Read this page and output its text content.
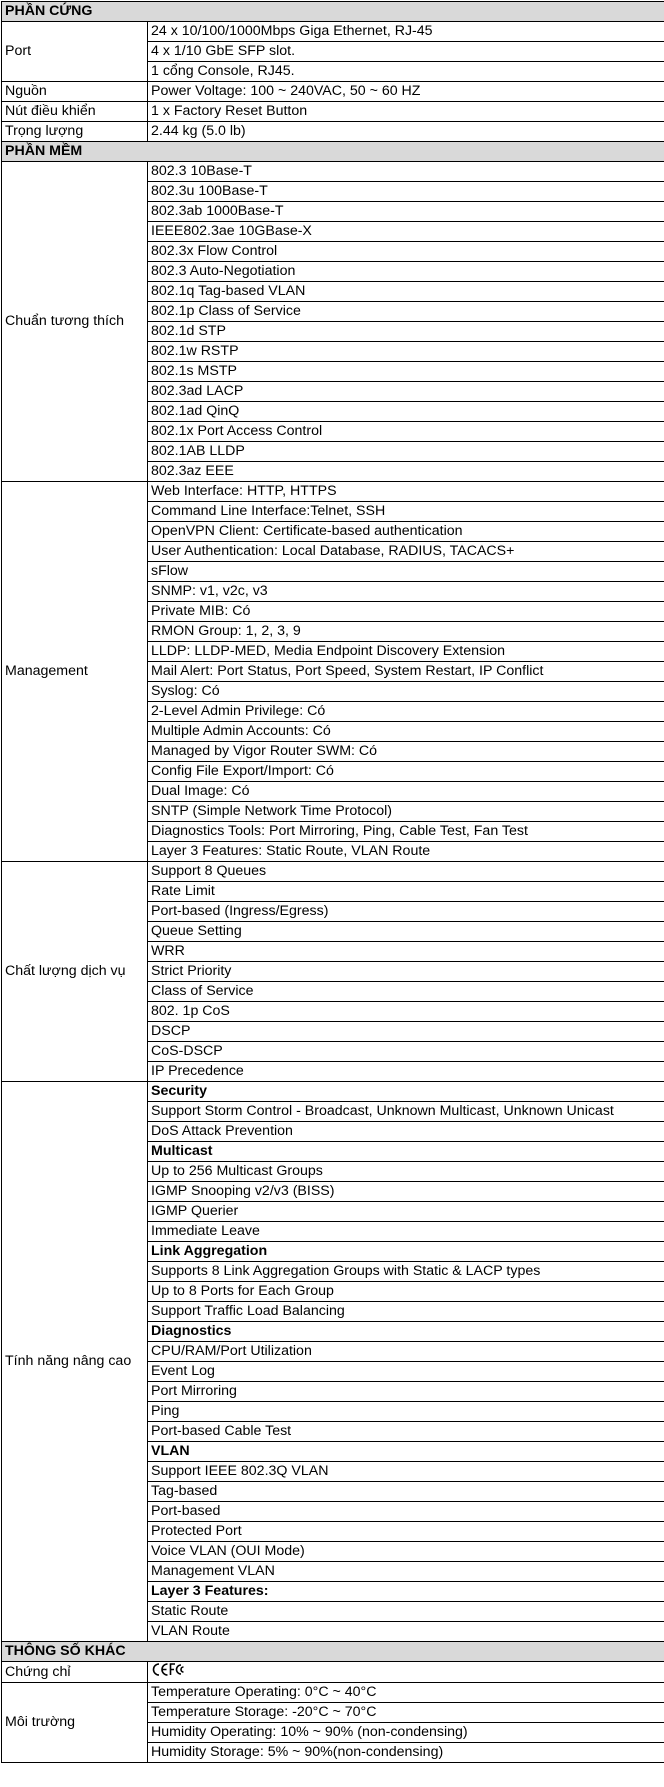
PHẦN CỨNG	
Port	24 x 10/100/1000Mbps Giga Ethernet, RJ-45
	4 x 1/10 GbE SFP slot.
	1 cổng Console, RJ45.
Nguồn	Power Voltage: 100 ~ 240VAC, 50 ~ 60 HZ
Nút điều khiển	1 x Factory Reset Button
Trọng lượng	2.44 kg (5.0 lb)
PHẦN MỀM	
Chuẩn tương thích	802.3 10Base-T
	802.3u 100Base-T
	802.3ab 1000Base-T
	IEEE802.3ae 10GBase-X
	802.3x Flow Control
	802.3 Auto-Negotiation
	802.1q Tag-based VLAN
	802.1p Class of Service
	802.1d STP
	802.1w RSTP
	802.1s MSTP
	802.3ad LACP
	802.1ad QinQ
	802.1x Port Access Control
	802.1AB LLDP
	802.3az EEE
Management	Web Interface: HTTP, HTTPS
	Command Line Interface:Telnet, SSH
	OpenVPN Client: Certificate-based authentication
	User Authentication: Local Database, RADIUS, TACACS+
	sFlow
	SNMP: v1, v2c, v3
	Private MIB: Có
	RMON Group: 1, 2, 3, 9
	LLDP: LLDP-MED, Media Endpoint Discovery Extension
	Mail Alert: Port Status, Port Speed, System Restart, IP Conflict
	Syslog: Có
	2-Level Admin Privilege: Có
	Multiple Admin Accounts: Có
	Managed by Vigor Router SWM: Có
	Config File Export/Import: Có
	Dual Image: Có
	SNTP (Simple Network Time Protocol)
	Diagnostics Tools: Port Mirroring, Ping, Cable Test, Fan Test
	Layer 3 Features: Static Route, VLAN Route
Chất lượng dịch vụ	Support 8 Queues
	Rate Limit
	Port-based (Ingress/Egress)
	Queue Setting
	WRR
	Strict Priority
	Class of Service
	802. 1p CoS
	DSCP
	CoS-DSCP
	IP Precedence
Tính năng nâng cao	Security
	Support Storm Control - Broadcast, Unknown Multicast, Unknown Unicast
	DoS Attack Prevention
	Multicast
	Up to 256 Multicast Groups
	IGMP Snooping v2/v3 (BISS)
	IGMP Querier
	Immediate Leave
	Link Aggregation
	Supports 8 Link Aggregation Groups with Static & LACP types
	Up to 8 Ports for Each Group
	Support Traffic Load Balancing
	Diagnostics
	CPU/RAM/Port Utilization
	Event Log
	Port Mirroring
	Ping
	Port-based Cable Test
	VLAN
	Support IEEE 802.3Q VLAN
	Tag-based
	Port-based
	Protected Port
	Voice VLAN (OUI Mode)
	Management VLAN
	Layer 3 Features:
	Static Route
	VLAN Route
THÔNG SỐ KHÁC	
Chứng chỉ	
Môi trường	Temperature Operating: 0°C ~ 40°C
	Temperature Storage: -20°C ~ 70°C
	Humidity Operating: 10% ~ 90% (non-condensing)
	Humidity Storage: 5% ~ 90%(non-condensing)
